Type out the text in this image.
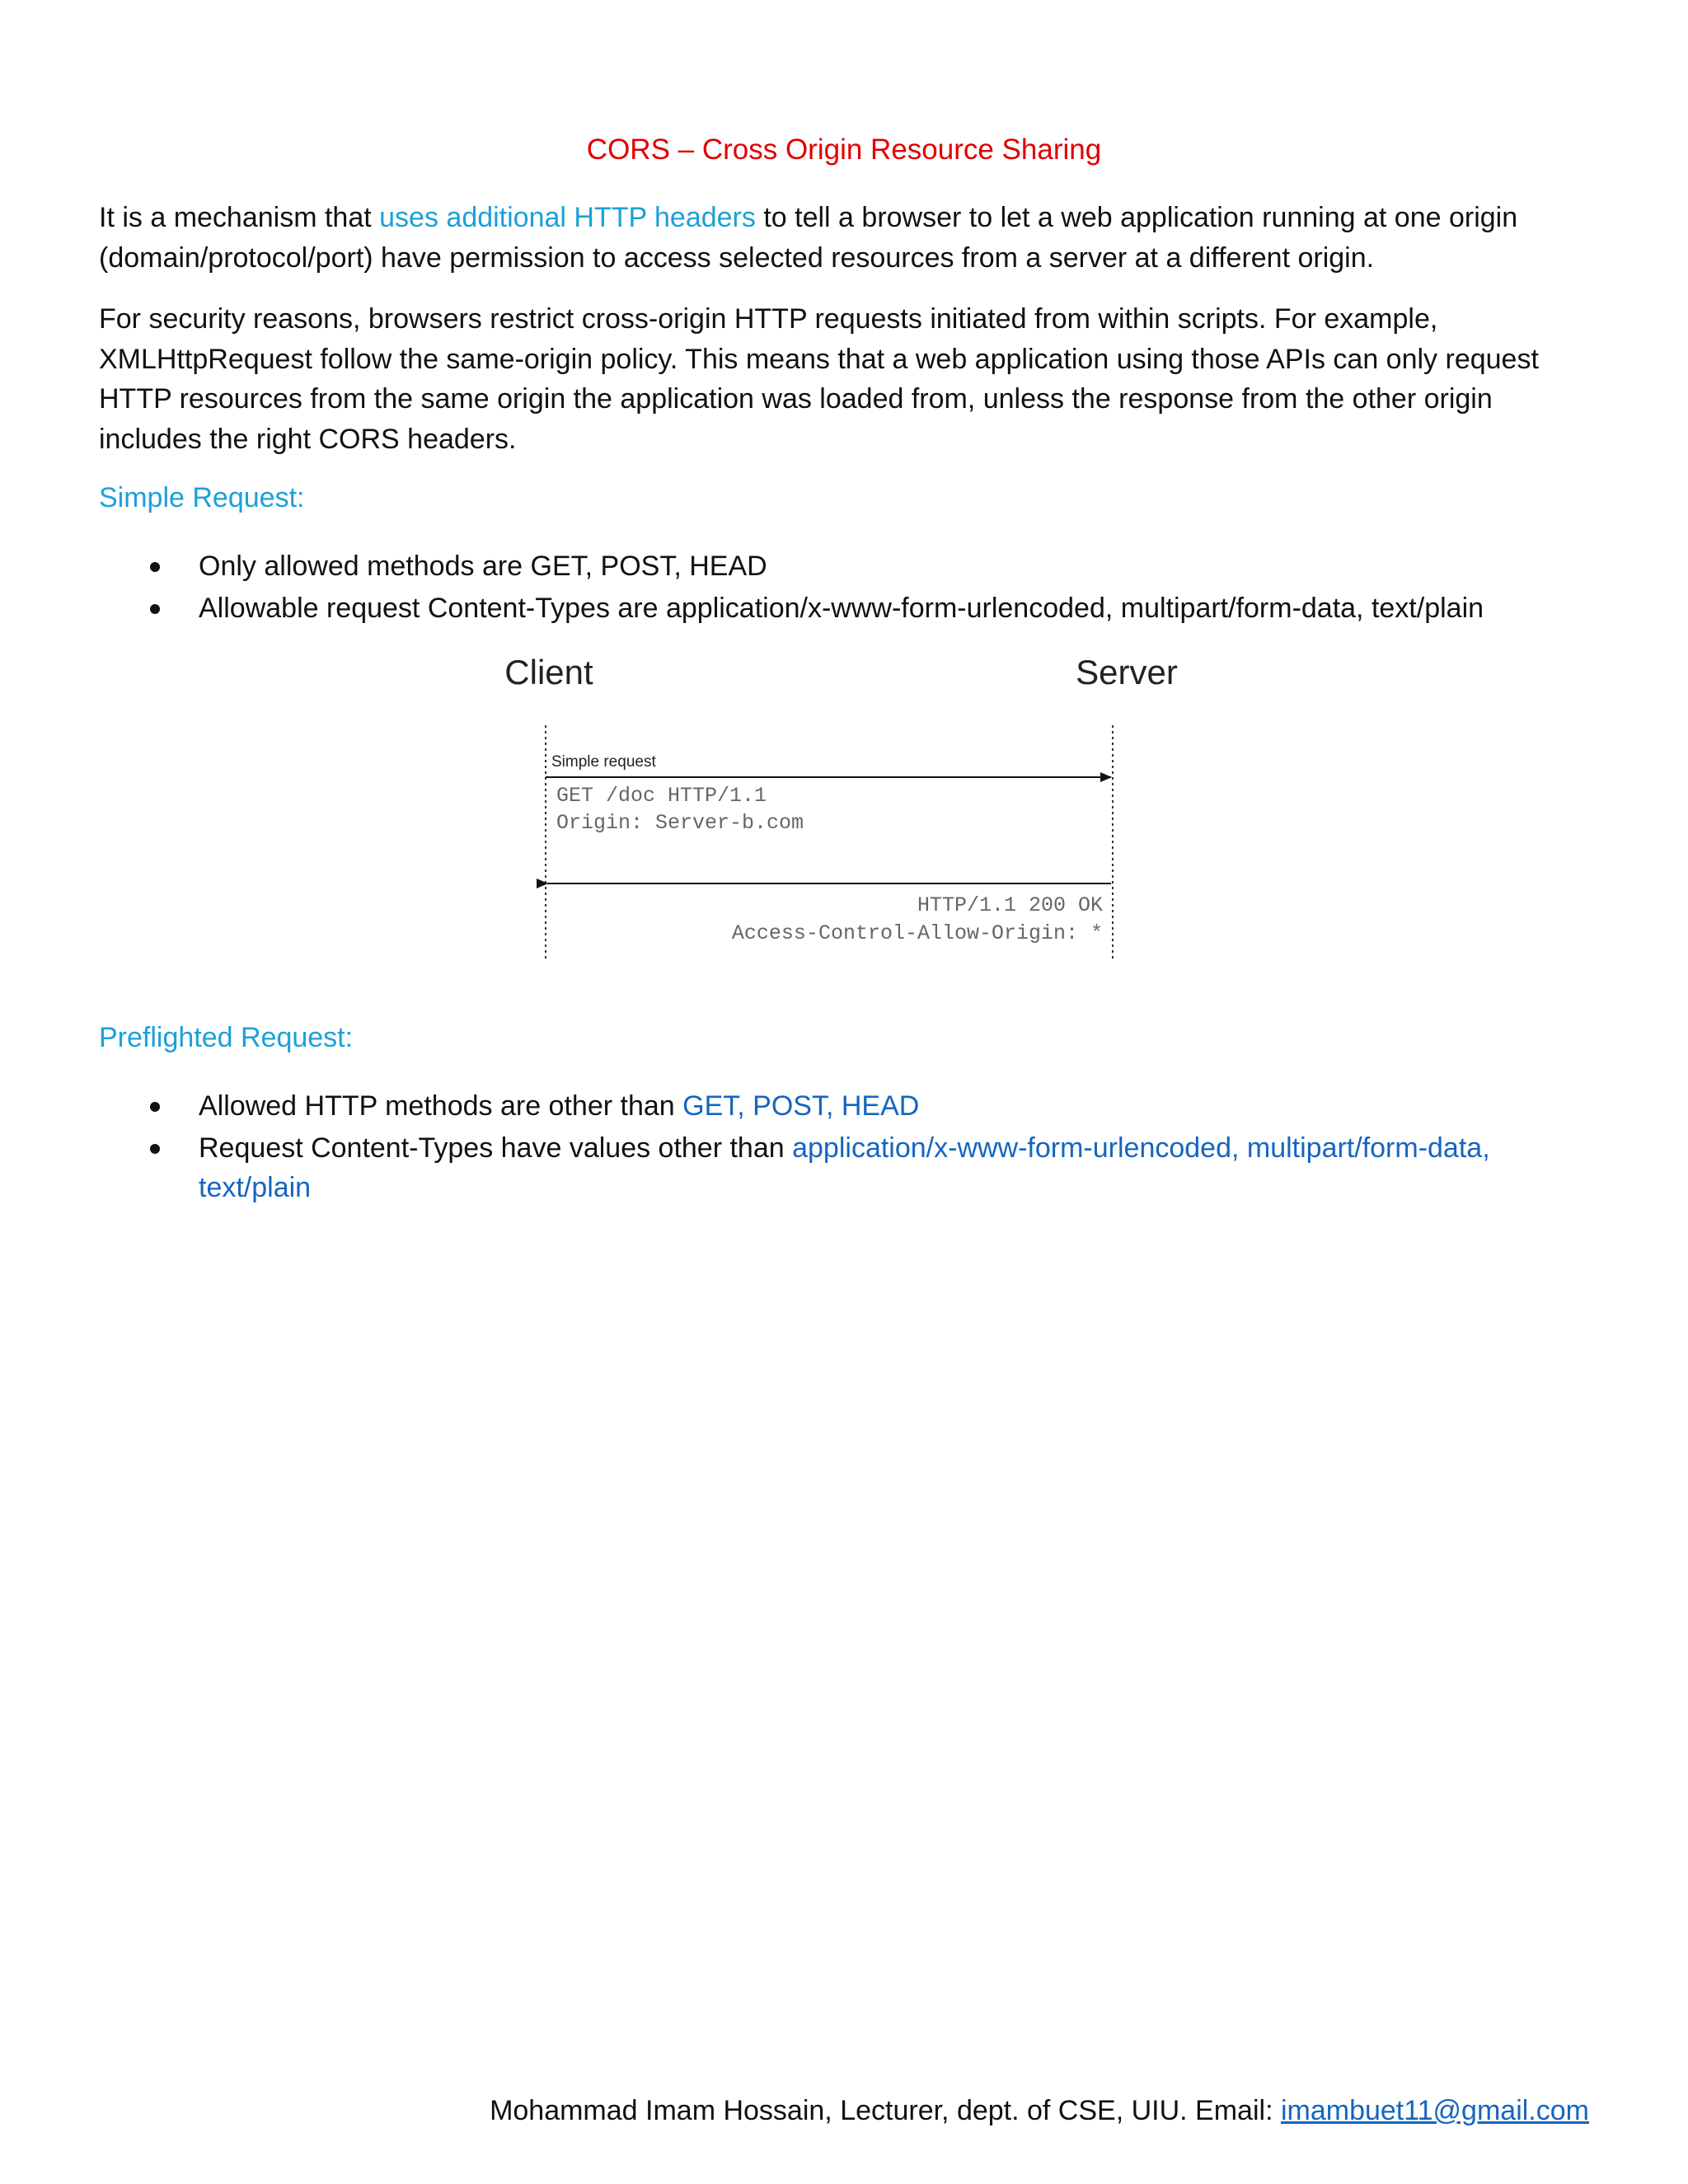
CORS – Cross Origin Resource Sharing
It is a mechanism that uses additional HTTP headers to tell a browser to let a web application running at one origin (domain/protocol/port) have permission to access selected resources from a server at a different origin.
For security reasons, browsers restrict cross-origin HTTP requests initiated from within scripts. For example, XMLHttpRequest follow the same-origin policy. This means that a web application using those APIs can only request HTTP resources from the same origin the application was loaded from, unless the response from the other origin includes the right CORS headers.
Simple Request:
Only allowed methods are GET, POST, HEAD
Allowable request Content-Types are application/x-www-form-urlencoded, multipart/form-data, text/plain
Client	Server
Simple request
GET /doc HTTP/1.1
Origin: Server-b.com
HTTP/1.1 200 OK
Access-Control-Allow-Origin: *
Preflighted Request:
Allowed HTTP methods are other than GET, POST, HEAD
Request Content-Types have values other than application/x-www-form-urlencoded, multipart/form-data, text/plain
Mohammad Imam Hossain, Lecturer, dept. of CSE, UIU. Email: imambuet11@gmail.com
